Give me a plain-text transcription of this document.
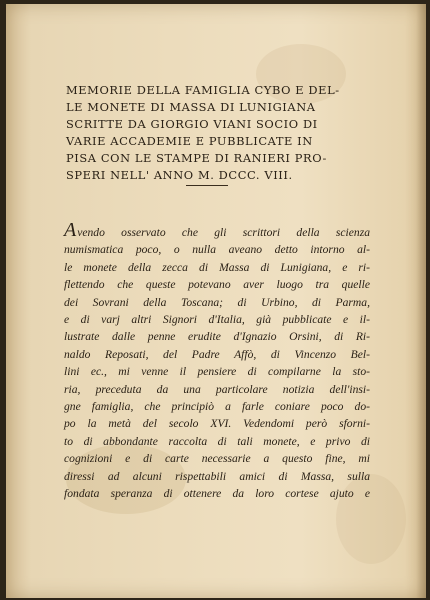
MEMORIE DELLA FAMIGLIA CYBO E DEL-
LE MONETE DI MASSA DI LUNIGIANA
SCRITTE DA GIORGIO VIANI SOCIO DI
VARIE ACCADEMIE E PUBBLICATE IN
PISA CON LE STAMPE DI RANIERI PRO-
SPERI NELL' ANNO M. DCCC. VIII.
Avendo osservato che gli scrittori della scienza
numismatica poco, o nulla aveano detto intorno al-
le monete della zecca di Massa di Lunigiana, e ri-
flettendo che queste potevano aver luogo tra quelle
dei Sovrani della Toscana; di Urbino, di Parma,
e di varj altri Signori d'Italia, già pubblicate e il-
lustrate dalle penne erudite d'Ignazio Orsini, di Ri-
naldo Reposati, del Padre Affò, di Vincenzo Bel-
lini ec., mi venne il pensiere di compilarne la sto-
ria, preceduta da una particolare notizia dell'insi-
gne famiglia, che principiò a farle coniare poco do-
po la metà del secolo XVI. Vedendomi però sforni-
to di abbondante raccolta di tali monete, e privo di
cognizioni e di carte necessarie a questo fine, mi
diressi ad alcuni rispettabili amici di Massa, sulla
fondata speranza di ottenere da loro cortese ajuto e
